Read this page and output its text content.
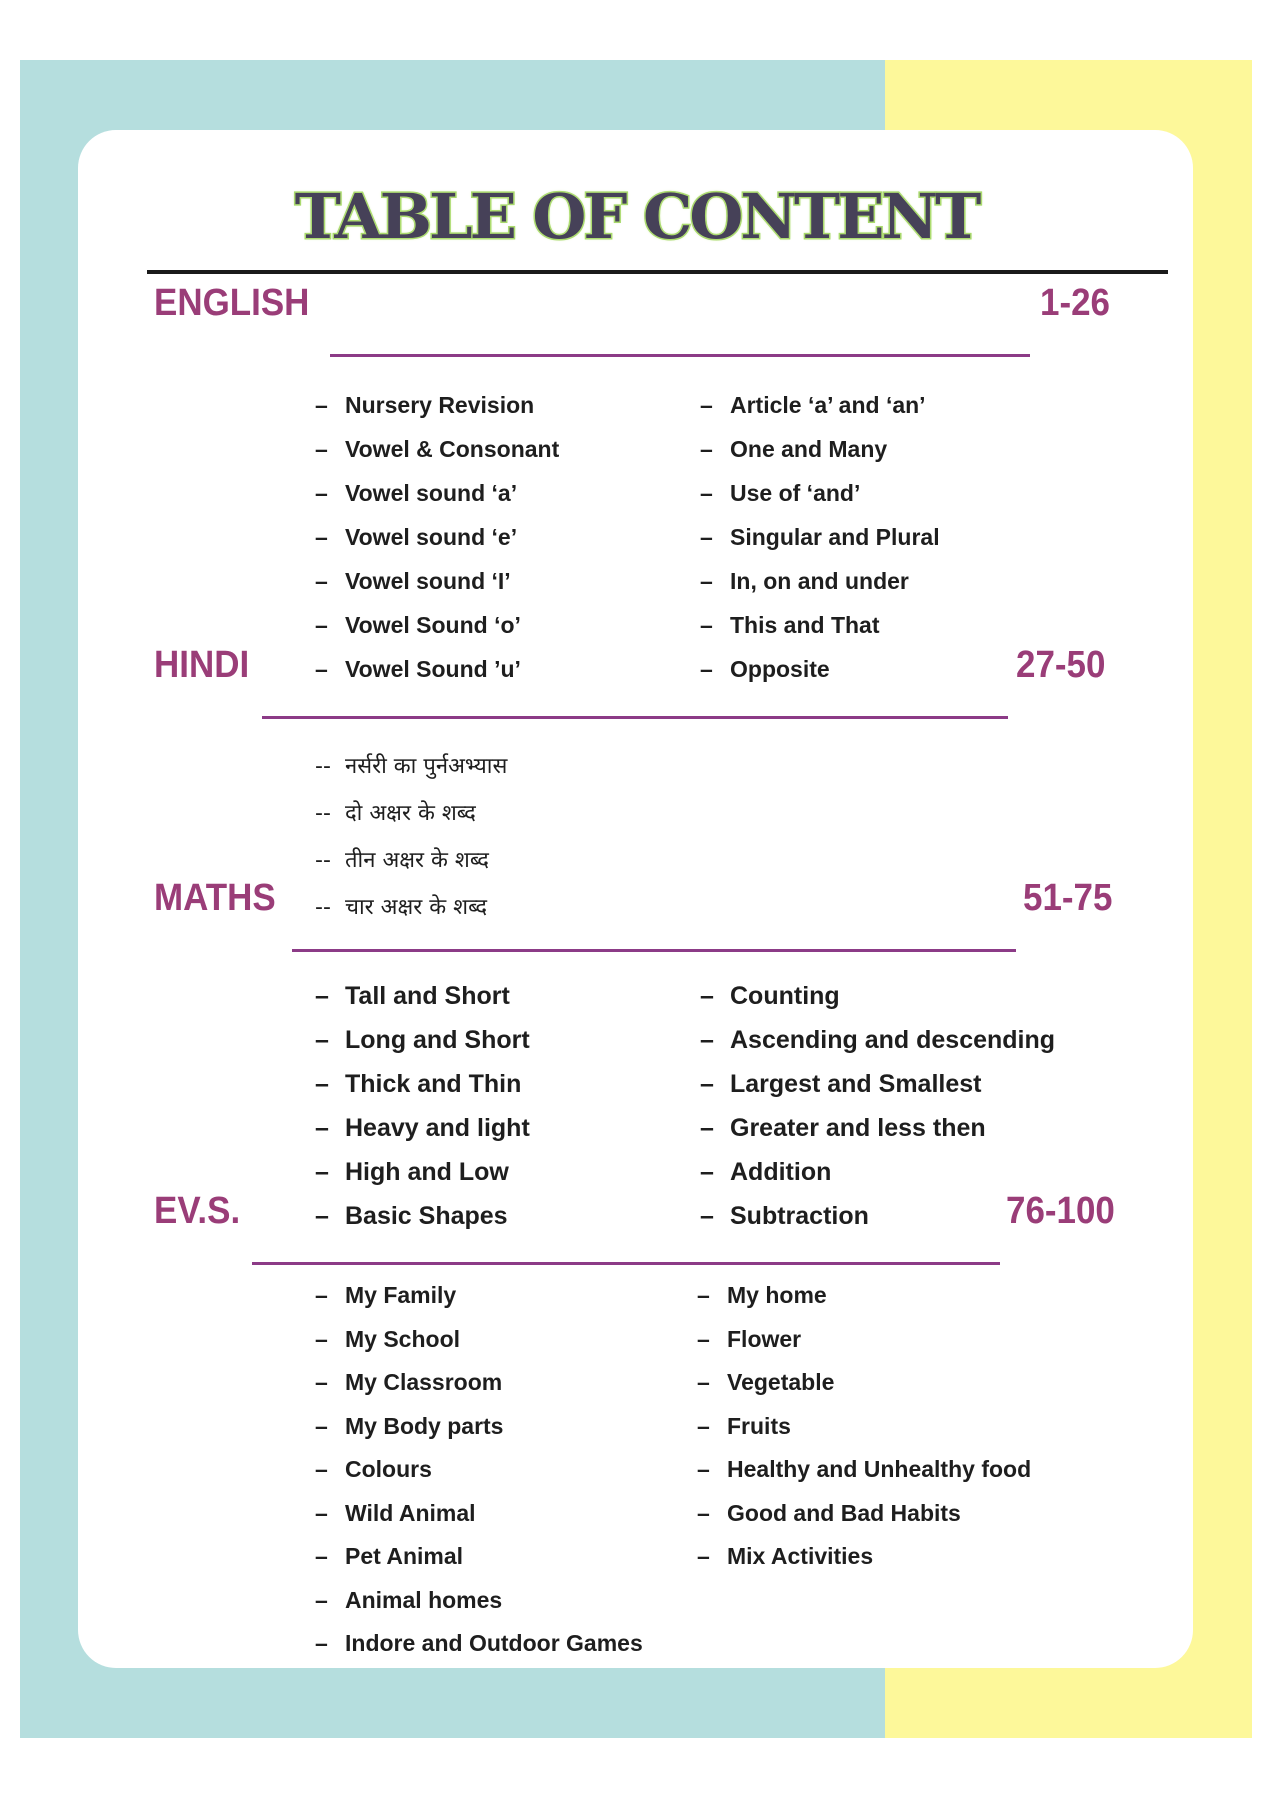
TABLE OF CONTENT
ENGLISH	1-26
– Nursery Revision
– Vowel & Consonant
– Vowel sound ‘a’
– Vowel sound ‘e’
– Vowel sound ‘I’
– Vowel Sound ‘o’
– Vowel Sound ’u’
– Article ‘a’ and ‘an’
– One and Many
– Use of ‘and’
– Singular and Plural
– In, on and under
– This and That
– Opposite
HINDI	27-50
-- नर्सरी का पुर्नअभ्यास
-- दो अक्षर के शब्द
-- तीन अक्षर के शब्द
-- चार अक्षर के शब्द
MATHS	51-75
– Tall and Short
– Long and Short
– Thick and Thin
– Heavy and light
– High and Low
– Basic Shapes
– Counting
– Ascending and descending
– Largest and Smallest
– Greater and less then
– Addition
– Subtraction
EV.S.	76-100
– My Family
– My School
– My Classroom
– My Body parts
– Colours
– Wild Animal
– Pet Animal
– Animal homes
– Indore and Outdoor Games
– My home
– Flower
– Vegetable
– Fruits
– Healthy and Unhealthy food
– Good and Bad Habits
– Mix Activities
